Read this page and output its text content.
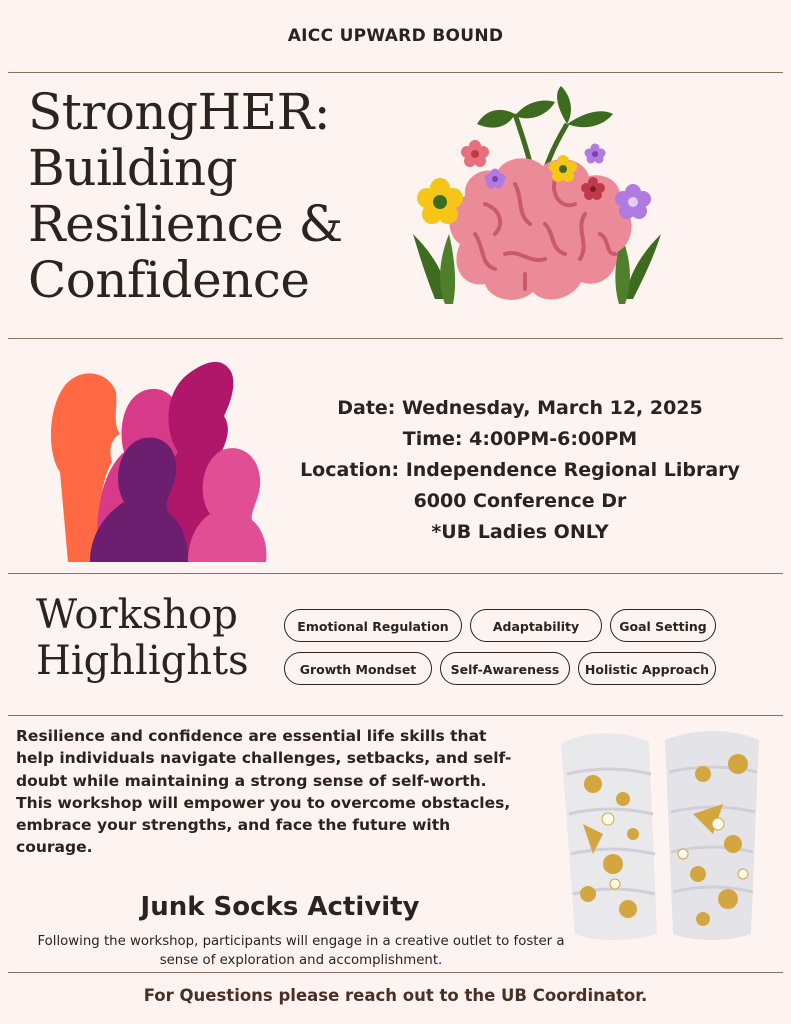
AICC UPWARD BOUND
StrongHER:
Building
Resilience &
Confidence
Date: Wednesday, March 12, 2025
Time: 4:00PM-6:00PM
Location: Independence Regional Library
6000 Conference Dr
*UB Ladies ONLY
Workshop
Highlights
Emotional Regulation	Adaptability	Goal Setting
Growth Mondset	Self-Awareness	Holistic Approach
Resilience and confidence are essential life skills that help individuals navigate challenges, setbacks, and self-doubt while maintaining a strong sense of self-worth. This workshop will empower you to overcome obstacles, embrace your strengths, and face the future with courage.
Junk Socks Activity
Following the workshop, participants will engage in a creative outlet to foster a sense of exploration and accomplishment.
For Questions please reach out to the UB Coordinator.
